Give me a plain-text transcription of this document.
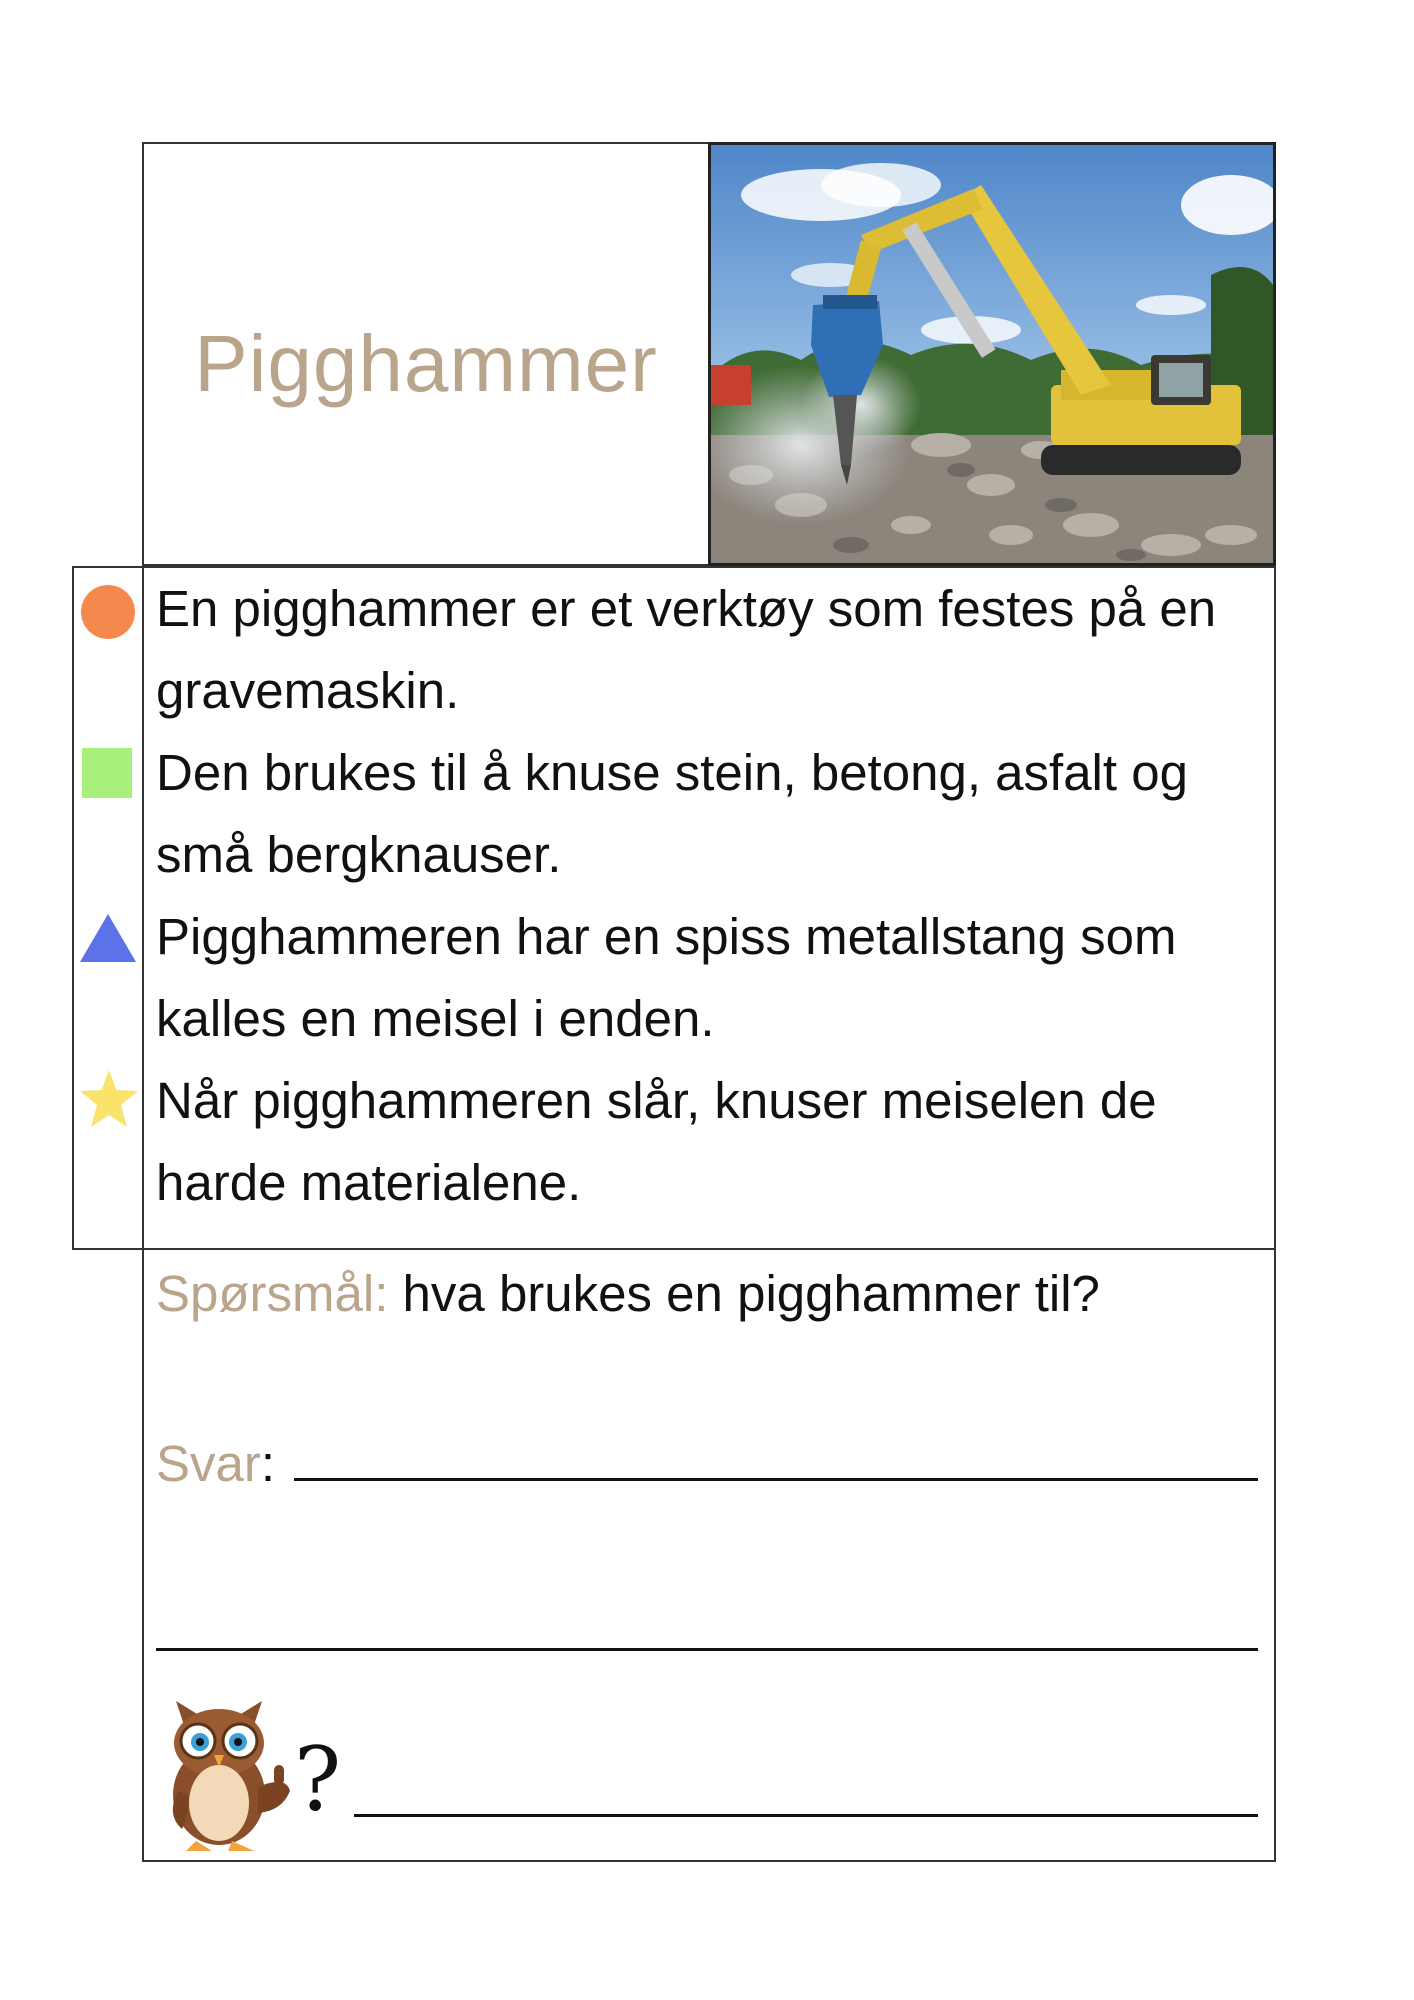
Pigghammer
En pigghammer er et verktøy som festes på en gravemaskin.
Den brukes til å knuse stein, betong, asfalt og små bergknauser.
Pigghammeren har en spiss metallstang som kalles en meisel i enden.
Når pigghammeren slår, knuser meiselen de harde materialene.
Spørsmål: hva brukes en pigghammer til?
Svar:
?
